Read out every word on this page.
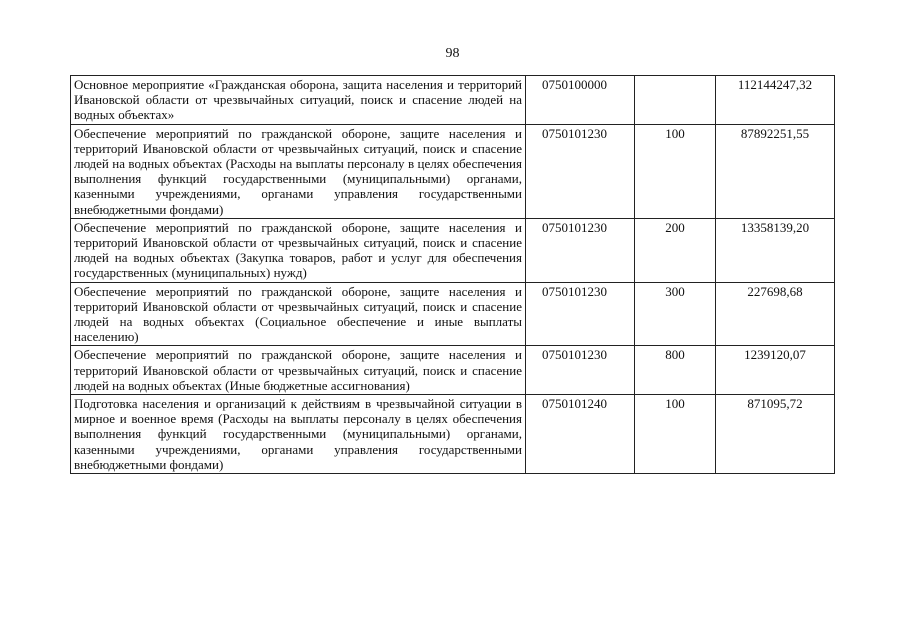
98
Основное мероприятие «Гражданская оборона, защита населения и территорий Ивановской области от чрезвычайных ситуаций, поиск и спасение людей на водных объектах»	0750100000		112144247,32
Обеспечение мероприятий по гражданской обороне, защите населения и территорий Ивановской области от чрезвычайных ситуаций, поиск и спасение людей на водных объектах (Расходы на выплаты персоналу в целях обеспечения выполнения функций государственными (муниципальными) органами, казенными учреждениями, органами управления государственными внебюджетными фондами)	0750101230	100	87892251,55
Обеспечение мероприятий по гражданской обороне, защите населения и территорий Ивановской области от чрезвычайных ситуаций, поиск и спасение людей на водных объектах (Закупка товаров, работ и услуг для обеспечения государственных (муниципальных) нужд)	0750101230	200	13358139,20
Обеспечение мероприятий по гражданской обороне, защите населения и территорий Ивановской области от чрезвычайных ситуаций, поиск и спасение людей на водных объектах (Социальное обеспечение и иные выплаты населению)	0750101230	300	227698,68
Обеспечение мероприятий по гражданской обороне, защите населения и территорий Ивановской области от чрезвычайных ситуаций, поиск и спасение людей на водных объектах (Иные бюджетные ассигнования)	0750101230	800	1239120,07
Подготовка населения и организаций к действиям в чрезвычайной ситуации в мирное и военное время (Расходы на выплаты персоналу в целях обеспечения выполнения функций государственными (муниципальными) органами, казенными учреждениями, органами управления государственными внебюджетными фондами)	0750101240	100	871095,72
